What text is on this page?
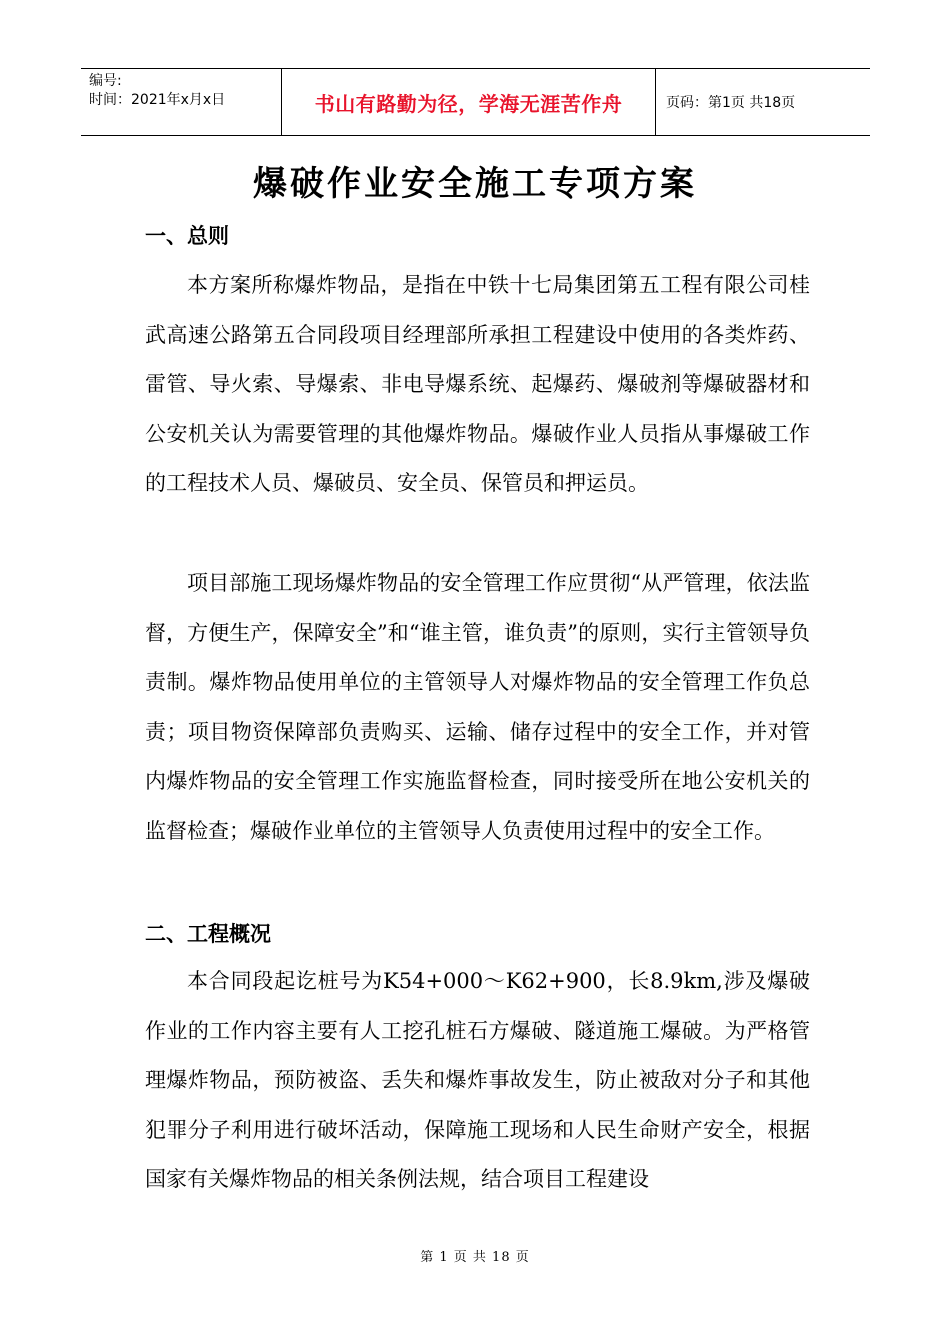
编号:
时间：2021年x月x日	书山有路勤为径，学海无涯苦作舟	页码：第1页 共18页
爆破作业安全施工专项方案
一、总则

本方案所称爆炸物品，是指在中铁十七局集团第五工程有限公司桂武高速公路第五合同段项目经理部所承担工程建设中使用的各类炸药、雷管、导火索、导爆索、非电导爆系统、起爆药、爆破剂等爆破器材和公安机关认为需要管理的其他爆炸物品。爆破作业人员指从事爆破工作的工程技术人员、爆破员、安全员、保管员和押运员。

项目部施工现场爆炸物品的安全管理工作应贯彻“从严管理，依法监督，方便生产，保障安全”和“谁主管，谁负责”的原则，实行主管领导负责制。爆炸物品使用单位的主管领导人对爆炸物品的安全管理工作负总责；项目物资保障部负责购买、运输、储存过程中的安全工作，并对管内爆炸物品的安全管理工作实施监督检查，同时接受所在地公安机关的监督检查；爆破作业单位的主管领导人负责使用过程中的安全工作。

二、工程概况

本合同段起讫桩号为K54+000～K62+900，长8.9km,涉及爆破作业的工作内容主要有人工挖孔桩石方爆破、隧道施工爆破。为严格管理爆炸物品，预防被盗、丢失和爆炸事故发生，防止被敌对分子和其他犯罪分子利用进行破坏活动，保障施工现场和人民生命财产安全，根据国家有关爆炸物品的相关条例法规，结合项目工程建设

第 1 页 共 18 页
